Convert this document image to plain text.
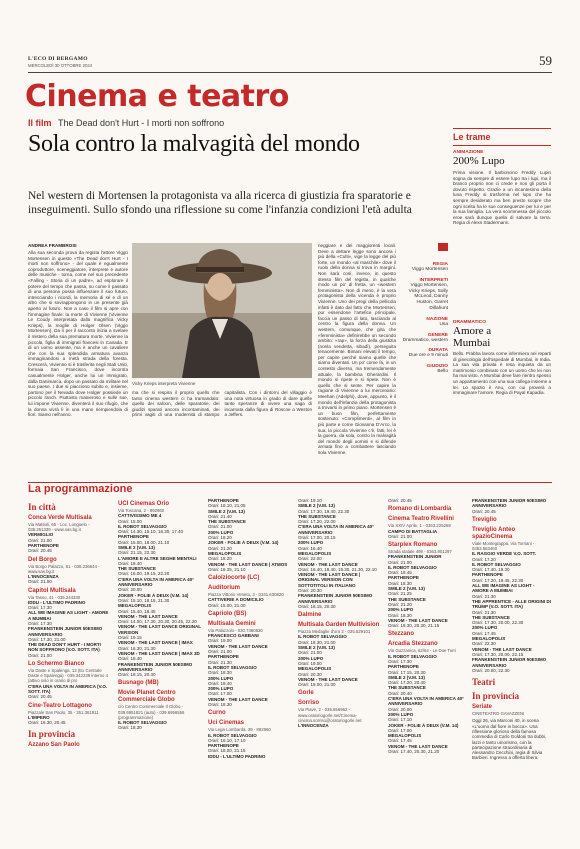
L'ECO DI BERGAMO
MERCOLEDÌ 30 OTTOBRE 2024	59
Cinema e teatro
Il film The Dead don't Hurt - I morti non soffrono
Sola contro la malvagità del mondo
Nel western di Mortensen la protagonista va alla ricerca di giustizia fra sparatorie e inseguimenti. Sullo sfondo una riflessione su come l'infanzia condizioni l'età adulta
ANDREA FRAMBROSI
Alla sua seconda prova da regista l'attore Viggo Mortensen in questo «The Dead don't Hurt - I morti non soffrono» - del quale è egualmente coproduttore, sceneggiatore, interprete e autore delle musiche - torna, come nel suo precedente «Falling - Storia di un padre», ad esplorare il potere del tempo che passa, su come il passato di una persona possa influenzare il suo futuro, intrecciando i ricordi, la memoria di sé e di un altro che si sovrappongono in un presente già aperto al futuro. Non a caso il film si apre con l'immagine finale: la morte di Vivienne (Vivienne Le Coudy interpretata dalla magnifica Vicky Krieps), la moglie di Holger Olsen (Viggo Mortensen). Da lì per il racconto inizia a svelare il mistero della sua prematura morte. Vivienne la piccola, figlia di immigrati francesi in Canada. E di un uomo assente, ma è anche un cavaliere che con la sua splendida armatura avanza immaginandosi a metà strada della foresta. Crescerà, Vivienne si è trasferita negli Stati Uniti, formaia San Francisco, dove incontra casualmente Holger, anche lui un immigrato, dalla Danimarca, dopo un passato da militare nel suo paese. I due si piacciono subito e, insieme, partono per il Nevada dove Holger possiede un piccolo ranch. Piuttosto manieroso e sulle sue, lui impone Vivienne, diventerà il suo rifugio, che la donna vivrà lì in una mano riempiendola di fiori. Siamo nell'anno.
Vicky Krieps interpreta Vivienne
ma che si respira il proprio quello che tanto cinema western ci ha tramandato: quello dei saloon, delle sparatorie, dei giudizi sparati ancora incontaminati, dei primi vagiti di una modernità di stampo capitalista. Con i dintorni del villaggio è una nota virtuosa in grado di dare quelle tante speranze di vivere una saga di incarnata dalla figura di Roscoe a Weston a Jeffers.
neggiare e dei maggiorenti locali. Deve a dettare legge sono ancora i più della «Culti», vige la legge del più forte, un mondo «al maschile» dove il ruolo della donna si trova in margini. Non sarà così, invece, in questo stesso film del regista, in qualche modo un po' di fretta, un «western femminista». Non di meno, è la vera protagonista della vicenda è proprio Vivienne. Uno dei pregi della pellicola infatti è dato dal fatto che Mortensen, pur essendone l'artefice principale, faccia un passo di lato, lasciando al centro la figura della donna. Un western, comunque, che gira che «femminista» definirebbe un secondo ambito: «rap», la forza della giustizia (nonla vendetta, sibadì), perseguita tenacemente. Bimani elevati il tempo, per capire perché siamo quelle che siamo diventati. Un po' come fa, in un contesto diverso, ma tremendamente attuale, la bambina Gherardini. Il mondo si ripete e si ripete. Non è quello che si sente. Per capire la ragione di Vivienne a lui mercenario: Meehan (Adelphi), dove, appunto, è il mondo dell'infanzia della protagonista a trovarsi in primo piano. Mortensen è un buon film, perfettamente sostenuto: «Complimenti», al film in più parte e come Giovanna D'Arco, la sua, la piccola Vivienne c'è, fatti, lei è la guerra, da sola, contro la malvagità del mondo degli uomini e si difende armata fino a combattere lasciando sola Vivienne.
REGIA
Viggo Mortensen
INTERPRETI
Viggo Mortensen, Vicky Krieps, Solly McLeod, Danny Huston, Garret Dillahunt
NAZIONE
Usa
GENERE
Drammatico, western
DURATA
Due ore e 9 minuti
GIUDIZIO
Bello
Le trame
ANIMAZIONE
200% Lupo
Prima visione. Il barboncino Freddy Lupin sogna da sempre di essere lupo tra i lupi, ma il branco proprio non ci crede e non gli porta il dovuto rispetto. Grazie a un incantesimo della luna Freddy si trasforma nel lupo che ha sempre desiderato ma ben presto scopre che ogni scelta ha le sue conseguenze per lui e per la sua famiglia. La vera scommessa del piccolo eroe sarà dunque quella di salvare la terra. Regia di Alexs Stadermann.
DRAMMATICO
Amore a Mumbai
Bello. Prabha lavora come infermiera nei reparti di ginecologia dell'ospedale di Mumbai, in India. La sua vita privata è resa inquieta da un matrimonio combinato con un uomo che lei non ha mai visto. A Mumbai deve fare rientro spesso un appartamento con una sua collega insieme a lei. Lo spazio è Anu, con cui proverà a immaginare l'amore. Regia di Payal Kapadia.
La programmazione
In città
Conca Verde Multisala
Via Mattioli, 65 - Loc. Longuelo - 035.251339 - www.sas.bg.it
VERMIGLIO
Orari: 21.00
PARTHENOPE
Orari: 20.45
Del Borgo
Via Borgo Palazzo, 51 - 035.236644 - www.sas.bg.it
L'INNOCENZA
Orari: 21.00
Capitol Multisala
Via Tasso, 41 - 035.244330
IDDU - L'ULTIMO PADRINO
Orari: 17.30
ALL WE IMAGINE AS LIGHT - AMORE A MUMBAI
Orari: 17.30
FRANKENSTEIN JUNIOR 50ESIMO ANNIVERSARIO
Orari: 17.30, 21.00
THE DEAD DON'T HURT - I MORTI NON SOFFRONO (V.O. SOTT. ITA)
Orari: 21.00
Lo Schermo Bianco
Via Daste e Spalenga, 13 (Ex Centrale Daste e Spalenga) - 035.342239 interno 4 (attivo solo in orario di pro
C'ERA UNA VOLTA IN AMERICA (V.O. SOTT. ITA)
Orari: 20.45
Cine-Teatro Lottagono
Piazzale San Paolo, 35 - 351.361911
L'IMPERO
Orari: 16.30, 20.45
In provincia
Azzano San Paolo
UCI Cinemas Orio
Via Toscana, 2 - 892960
CATTIVISSIMO ME 4
Orari: 15.00
IL ROBOT SELVAGGIO
Orari: 14.30, 15.10, 16.30, 17.40
PARTHENOPE
Orari: 15.00, 18.00, 21.10
SMILE 2 (V.M. 13)
Orari: 21.15, 22.30
L'AMORE E ALTRE SEGHE MENTALI
Orari: 18.40
THE SUBSTANCE
Orari: 16.00, 19.15, 22.20
C'ERA UNA VOLTA IN AMERICA 40° ANNIVERSARIO
Orari: 20.00
JOKER - FOLIE À DEUX (V.M. 14)
Orari: 15.10, 18.15, 21.30
MEGALOPOLIS
Orari: 15.40, 18.45
VENOM - THE LAST DANCE
Orari: 14.00, 17.30, 20.30, 20.45, 22.20
VENOM - THE LAST DANCE ORIGINAL VERSION
Orari: 19.15
VENOM - THE LAST DANCE | IMAX
Orari: 16.30, 21.30
VENOM - THE LAST DANCE | IMAX 3D
Orari: 18.40
FRANKENSTEIN JUNIOR 50ESIMO ANNIVERSARIO
Orari: 18.15, 20.30
Busnago (MB)
Movie Planet Centro Commerciale Globo
c/o Centro Commerciale Il Globo - 039.6951821 (auto) - 039.6956556 (programmazione)
IL ROBOT SELVAGGIO
Orari: 18.30
PARTHENOPE
Orari: 18.10, 21.05
SMILE 2 (V.M. 13)
Orari: 21.40
THE SUBSTANCE
Orari: 21.00
200% LUPO
Orari: 18.20
JOKER - FOLIE À DEUX (V.M. 14)
Orari: 21.20
MEGALOPOLIS
Orari: 18.20
VENOM - THE LAST DANCE | ATMOS
Orari: 18.35, 21.10
Calolziocorte (LC)
Auditorium
Piazza Vittorio Veneto, 3 - 0341.630820
CATTIVERIE A DOMICILIO
Orari: 15.00, 21.00
Capriolo (BS)
Multisala Gemini
Via Palazzolo - 030.7460530
FRANCESCO GABBANI
Orari: 19.00
VENOM - THE LAST DANCE
Orari: 21.00
PARTHENOPE
Orari: 21.30
IL ROBOT SELVAGGIO
Orari: 18.30
200% LUPO
Orari: 18.40
200% LUPO
Orari: 17.00
VENOM - THE LAST DANCE
Orari: 18.30
Curno
Uci Cinemas
Via Lega Lombarda, 39 - 892960
IL ROBOT SELVAGGIO
Orari: 16.10, 17.10
PARTHENOPE
Orari: 18.00, 21.15
IDDU - L'ULTIMO PADRINO
Orari: 19.10
SMILE 2 (V.M. 13)
Orari: 17.30, 19.40, 22.30
THE SUBSTANCE
Orari: 17.20, 22.00
C'ERA UNA VOLTA IN AMERICA 40° ANNIVERSARIO
Orari: 17.00, 20.15
200% LUPO
Orari: 16.40
MEGALOPOLIS
Orari: 22.00
VENOM - THE LAST DANCE
Orari: 16.40, 18.40, 19.30, 21.30, 22.10
VENOM - THE LAST DANCE | ORIGINAL VERSION CON SOTTOTITOLI IN ITALIANO
Orari: 20.30
FRANKENSTEIN JUNIOR 50ESIMO ANNIVERSARIO
Orari: 18.15, 20.30
Dalmine
Multisala Garden Multivision
Piazza Medaglie d'oro 2 - 035.529101
IL ROBOT SELVAGGIO
Orari: 18.30, 21.00
SMILE 2 (V.M. 13)
Orari: 21.00
200% LUPO
Orari: 19.00
MEGALOPOLIS
Orari: 20.30
VENOM - THE LAST DANCE
Orari: 19.00, 21.00
Gorle
Sorriso
Via Piave, 2 - 035.656962 - www.oratoriogorle.net/Cinema-cinema.sorriso@oratoriogorle.net
L'INNOCENZA
Orari: 20.45
Romano di Lombardia
Cinema Teatro Rivellini
Via XXIV Aprile, 1 - 0363.225269
CAMPO DI BATTAGLIA
Orari: 21.00
Starplex Romano
Strada statale 498 - 0363.901297
FRANKENSTEIN JUNIOR
Orari: 21.00
IL ROBOT SELVAGGIO
Orari: 18.45
PARTHENOPE
Orari: 18.30
SMILE 2 (V.M. 13)
Orari: 21.25
THE SUBSTANCE
Orari: 21.20
200% LUPO
Orari: 18.30
VENOM - THE LAST DANCE
Orari: 18.30, 20.30, 21.15
Stezzano
Arcadia Stezzano
Via Guzzanica, 62/64 - Le Due Torri
IL ROBOT SELVAGGIO
Orari: 17.30
PARTHENOPE
Orari: 17.15, 20.30
SMILE 2 (V.M. 13)
Orari: 17.20, 20.40
THE SUBSTANCE
Orari: 20.40
C'ERA UNA VOLTA IN AMERICA 40° ANNIVERSARIO
Orari: 20.00
200% LUPO
Orari: 17.10
JOKER - FOLIE À DEUX (V.M. 14)
Orari: 17.00
MEGALOPOLIS
Orari: 17.45
VENOM - THE LAST DANCE
Orari: 17.40, 20.30, 21.20
FRANKENSTEIN JUNIOR 50ESIMO ANNIVERSARIO
Orari: 20.45
Treviglio
Treviglio Anteo spazioCinema
Viale Montegrappa, Via Torriani - 0363.563460
IL RAGGIO VERDE V.O. SOTT.
Orari: 17.20
IL ROBOT SELVAGGIO
Orari: 17.40, 19.30
PARTHENOPE
Orari: 17.20, 19.45, 22.30
ALL WE IMAGINE AS LIGHT - AMORE A MUMBAI
Orari: 21.30
THE APPRENTICE - ALLE ORIGINI DI TRUMP (V.O. SOTT. ITA)
Orari: 21.30
THE SUBSTANCE
Orari: 17.30, 20.00, 22.30
200% LUPO
Orari: 17.45
MEGALOPOLIS
Orari: 22.30
VENOM - THE LAST DANCE
Orari: 17.30, 20.00, 22.15
FRANKENSTEIN JUNIOR 50ESIMO ANNIVERSARIO
Orari: 20.00, 22.30
Teatri
In provincia
Seriate
CINETEATRO GAVAZZENI
Oggi 26, via Marconi 40, in scena «L'uomo dal fiore in bocca». Una riflessione glorioso della famosa commedia di Carlo Goldoni tra dubbi, lazzi e tanto umorismo, con la partecipazione straordinaria di Alessandro Cecchini, regia di Silvia Barbieri. Ingresso a offerta libera.
